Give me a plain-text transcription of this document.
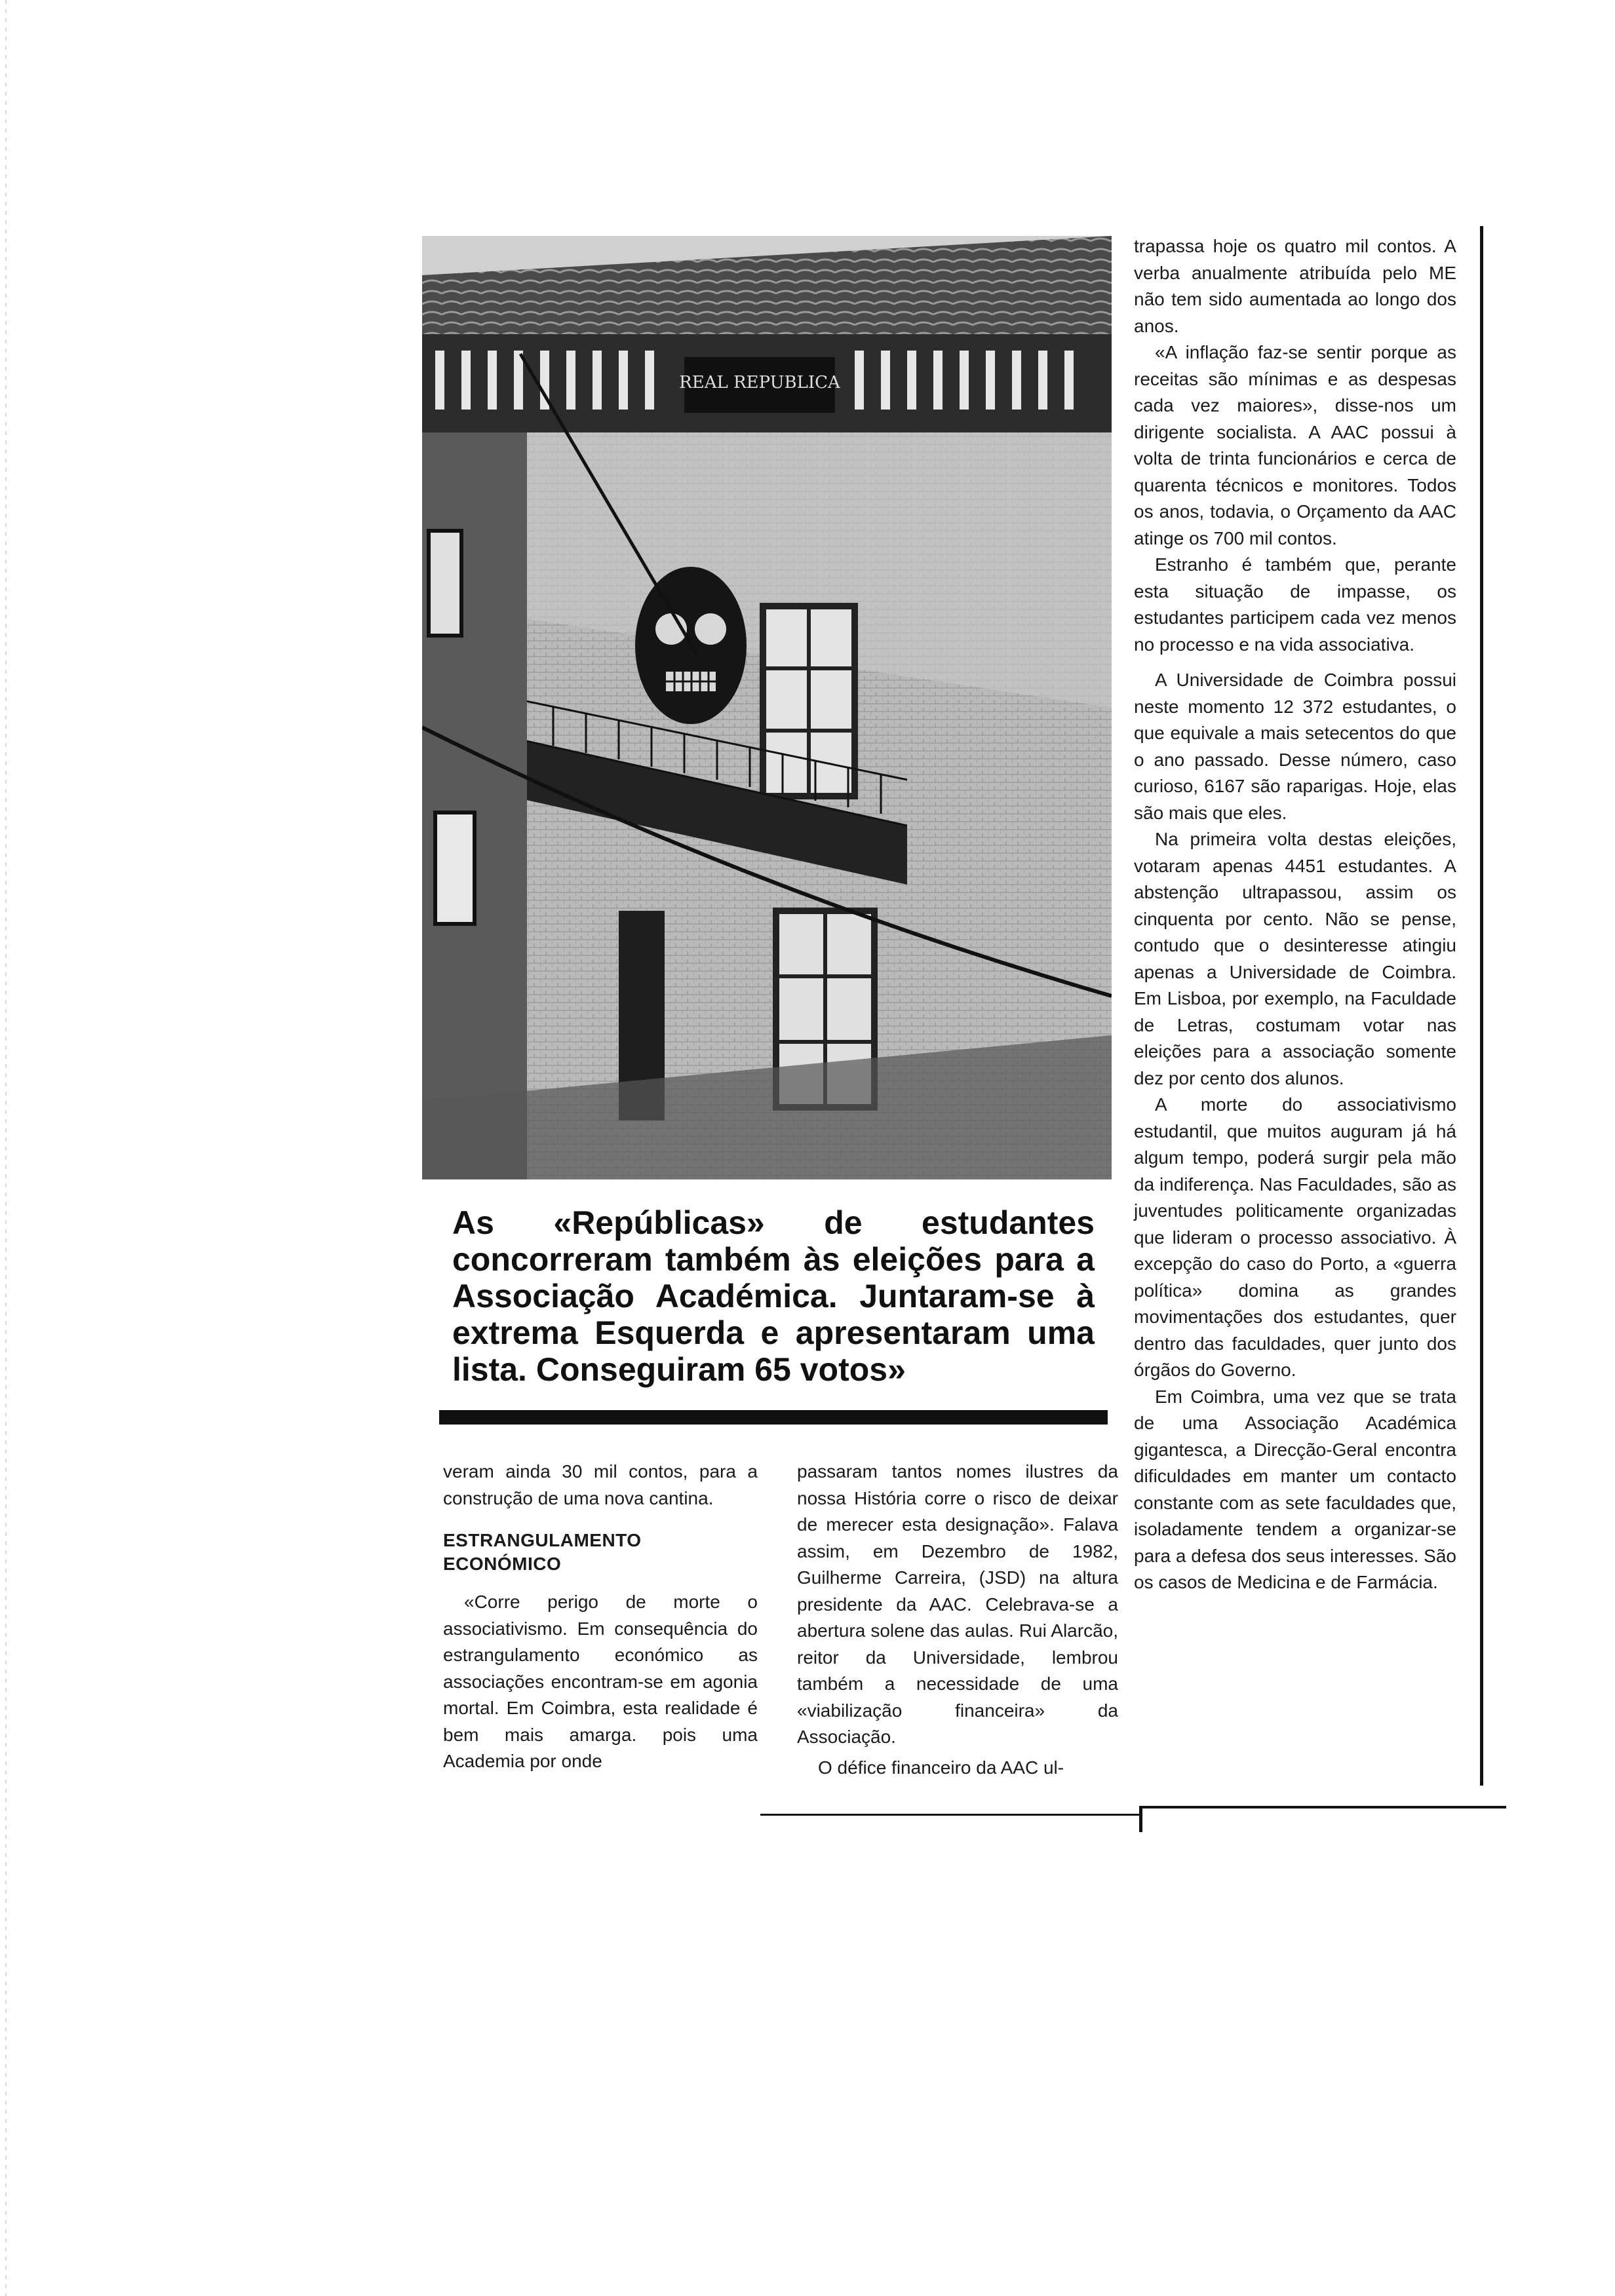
REAL REPUBLICA
As «Repúblicas» de estudantes concorreram também às eleições para a Associação Académica. Juntaram-se à extrema Esquerda e apresentaram uma lista. Conseguiram 65 votos»

veram ainda 30 mil contos, para a construção de uma nova cantina.

ESTRANGULAMENTO
ECONÓMICO

«Corre perigo de morte o associativismo. Em consequência do estrangulamento económico as associações encontram-se em agonia mortal. Em Coimbra, esta realidade é bem mais amarga. pois uma Academia por onde

passaram tantos nomes ilustres da nossa História corre o risco de deixar de merecer esta designação». Falava assim, em Dezembro de 1982, Guilherme Carreira, (JSD) na altura presidente da AAC. Celebrava-se a abertura solene das aulas. Rui Alarcão, reitor da Universidade, lembrou também a necessidade de uma «viabilização financeira» da Associação.

O défice financeiro da AAC ul-

trapassa hoje os quatro mil contos. A verba anualmente atribuída pelo ME não tem sido aumentada ao longo dos anos.

«A inflação faz-se sentir porque as receitas são mínimas e as despesas cada vez maiores», disse-nos um dirigente socialista. A AAC possui à volta de trinta funcionários e cerca de quarenta técnicos e monitores. Todos os anos, todavia, o Orçamento da AAC atinge os 700 mil contos.

Estranho é também que, perante esta situação de impasse, os estudantes participem cada vez menos no processo e na vida associativa.

A Universidade de Coimbra possui neste momento 12 372 estudantes, o que equivale a mais setecentos do que o ano passado. Desse número, caso curioso, 6167 são raparigas. Hoje, elas são mais que eles.

Na primeira volta destas eleições, votaram apenas 4451 estudantes. A abstenção ultrapassou, assim os cinquenta por cento. Não se pense, contudo que o desinteresse atingiu apenas a Universidade de Coimbra. Em Lisboa, por exemplo, na Faculdade de Letras, costumam votar nas eleições para a associação somente dez por cento dos alunos.

A morte do associativismo estudantil, que muitos auguram já há algum tempo, poderá surgir pela mão da indiferença. Nas Faculdades, são as juventudes politicamente organizadas que lideram o processo associativo. À excepção do caso do Porto, a «guerra política» domina as grandes movimentações dos estudantes, quer dentro das faculdades, quer junto dos órgãos do Governo.

Em Coimbra, uma vez que se trata de uma Associação Académica gigantesca, a Direcção-Geral encontra dificuldades em manter um contacto constante com as sete faculdades que, isoladamente tendem a organizar-se para a defesa dos seus interesses. São os casos de Medicina e de Farmácia.
